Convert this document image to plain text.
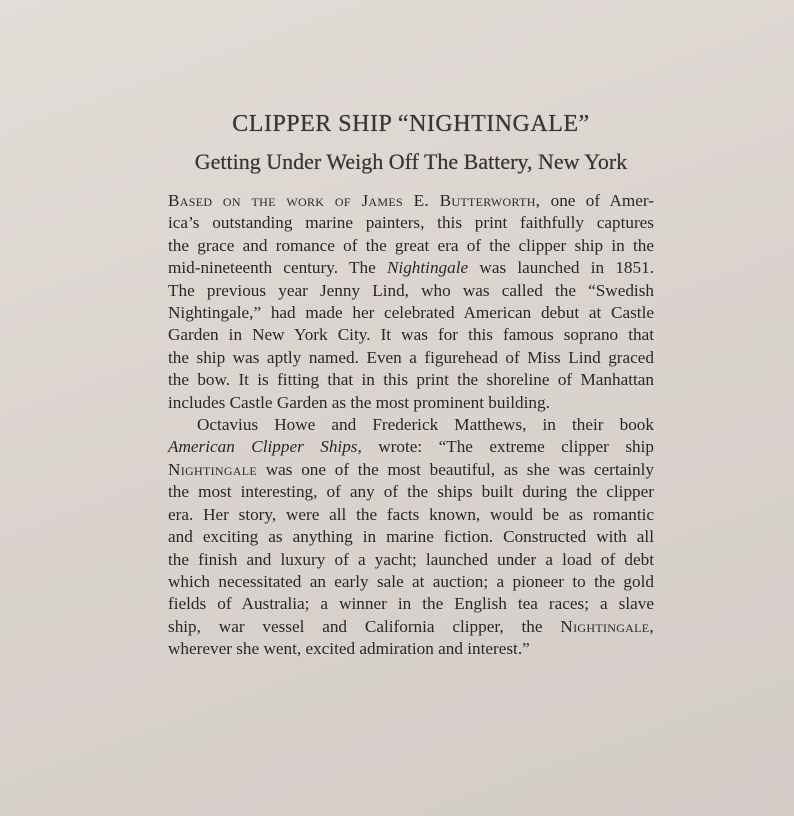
CLIPPER SHIP “NIGHTINGALE”
Getting Under Weigh Off The Battery, New York

Based on the work of James E. Butterworth, one of Amer-
ica’s outstanding marine painters, this print faithfully captures
the grace and romance of the great era of the clipper ship in the
mid-nineteenth century. The Nightingale was launched in 1851.
The previous year Jenny Lind, who was called the “Swedish
Nightingale,” had made her celebrated American debut at Castle
Garden in New York City. It was for this famous soprano that
the ship was aptly named. Even a figurehead of Miss Lind graced
the bow. It is fitting that in this print the shoreline of Manhattan
includes Castle Garden as the most prominent building.

Octavius Howe and Frederick Matthews, in their book
American Clipper Ships, wrote: “The extreme clipper ship
Nightingale was one of the most beautiful, as she was certainly
the most interesting, of any of the ships built during the clipper
era. Her story, were all the facts known, would be as romantic
and exciting as anything in marine fiction. Constructed with all
the finish and luxury of a yacht; launched under a load of debt
which necessitated an early sale at auction; a pioneer to the gold
fields of Australia; a winner in the English tea races; a slave
ship, war vessel and California clipper, the Nightingale,
wherever she went, excited admiration and interest.”
